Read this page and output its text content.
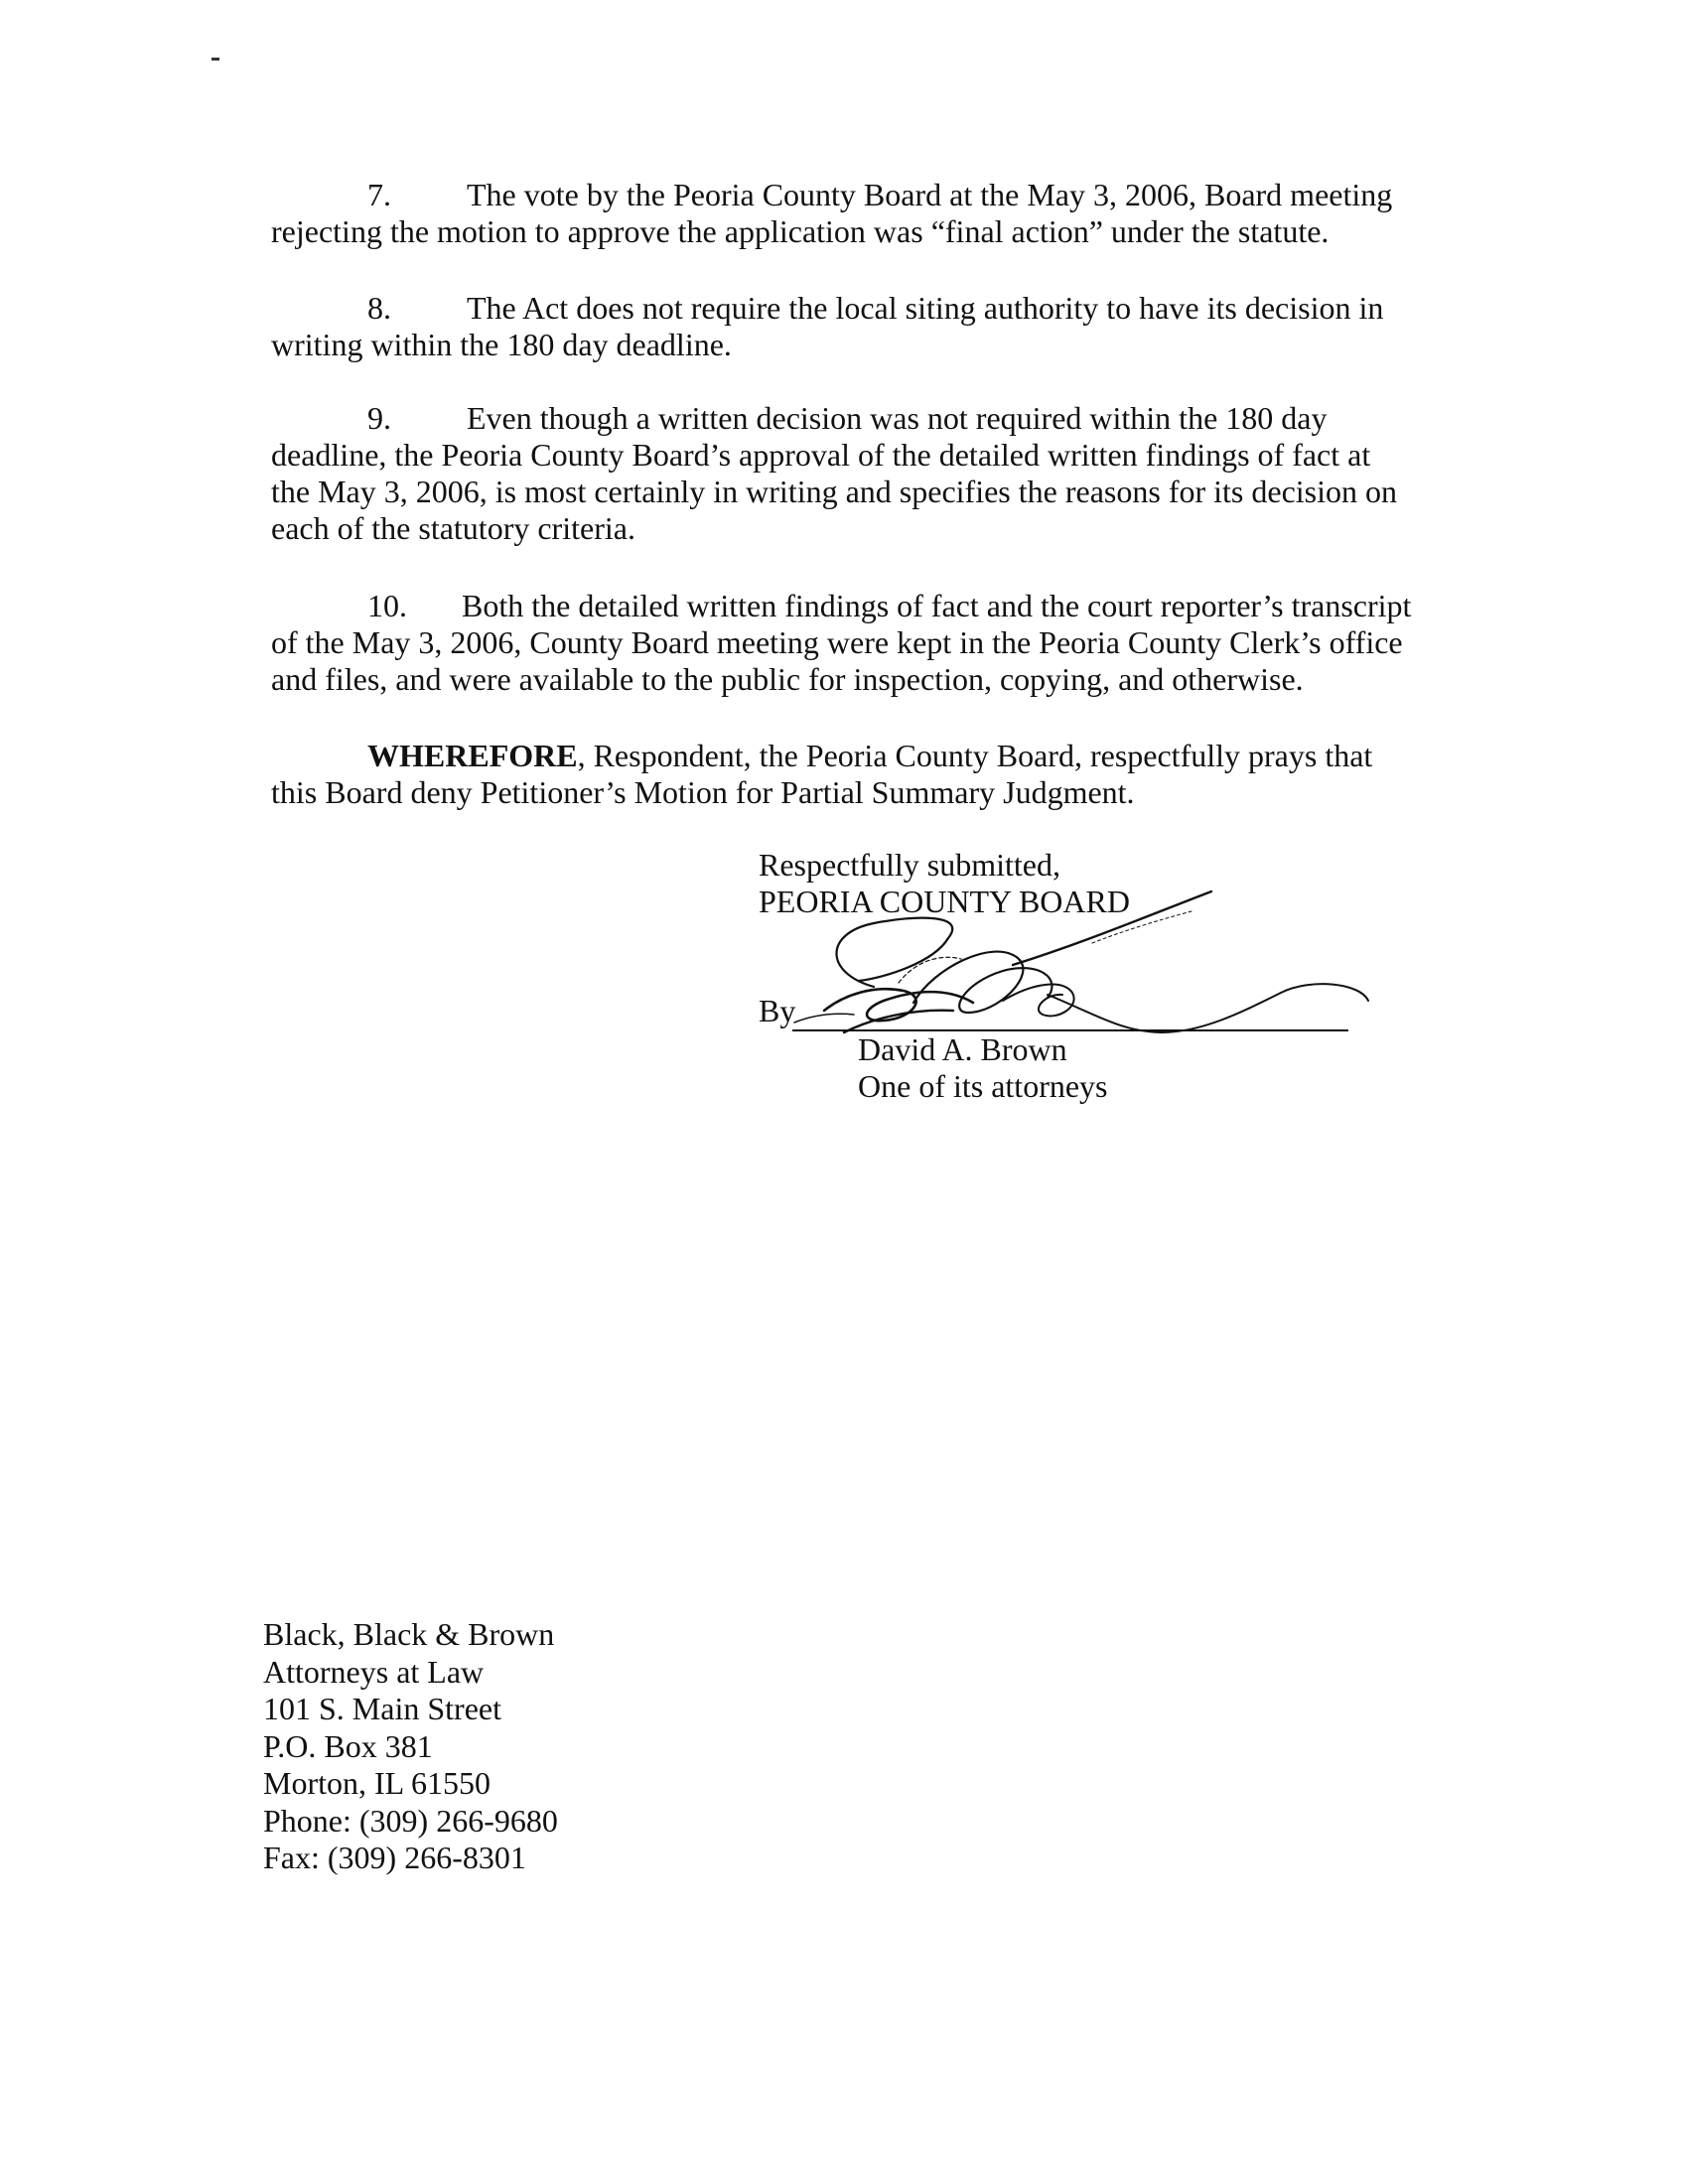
7. The vote by the Peoria County Board at the May 3, 2006, Board meeting
rejecting the motion to approve the application was “final action” under the statute.
8. The Act does not require the local siting authority to have its decision in
writing within the 180 day deadline.
9. Even though a written decision was not required within the 180 day
deadline, the Peoria County Board’s approval of the detailed written findings of fact at
the May 3, 2006, is most certainly in writing and specifies the reasons for its decision on
each of the statutory criteria.
10. Both the detailed written findings of fact and the court reporter’s transcript
of the May 3, 2006, County Board meeting were kept in the Peoria County Clerk’s office
and files, and were available to the public for inspection, copying, and otherwise.
WHEREFORE, Respondent, the Peoria County Board, respectfully prays that
this Board deny Petitioner’s Motion for Partial Summary Judgment.
Respectfully submitted,
PEORIA COUNTY BOARD
By
David A. Brown
One of its attorneys
Black, Black & Brown
Attorneys at Law
101 S. Main Street
P.O. Box 381
Morton, IL 61550
Phone: (309) 266-9680
Fax: (309) 266-8301
